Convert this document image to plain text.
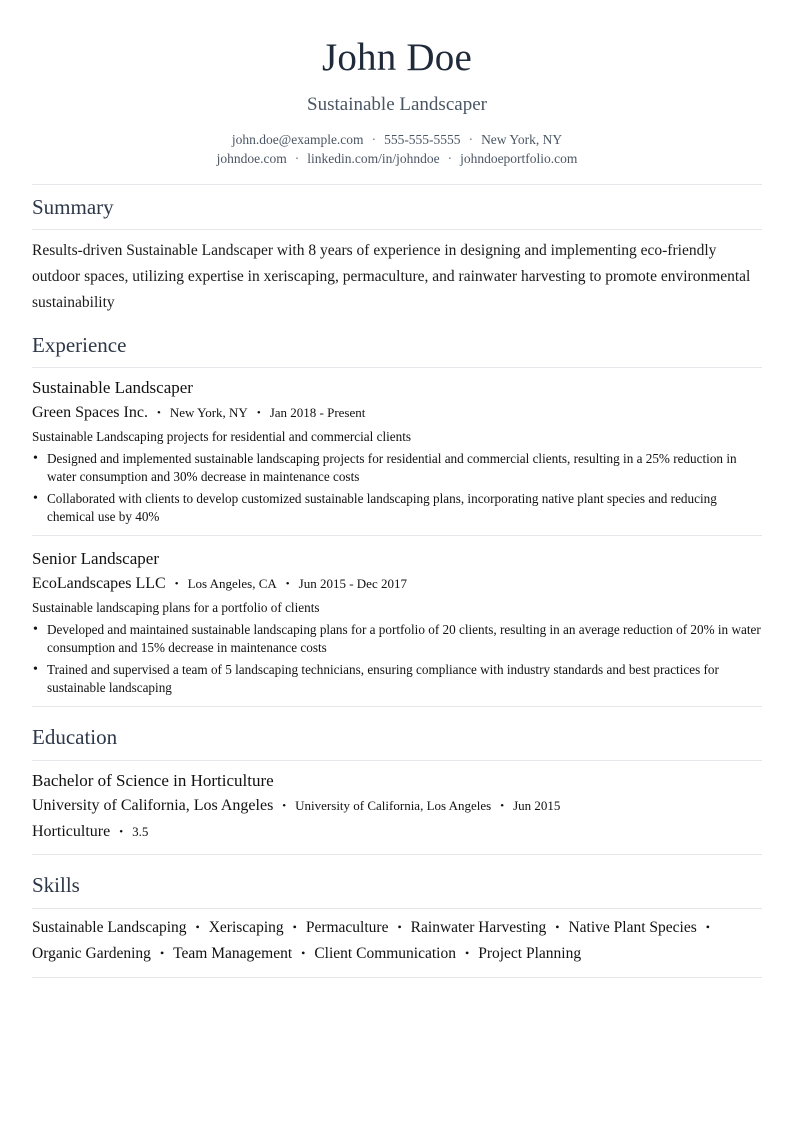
John Doe
Sustainable Landscaper
john.doe@example.com · 555-555-5555 · New York, NY
johndoe.com · linkedin.com/in/johndoe · johndoeportfolio.com
Summary
Results-driven Sustainable Landscaper with 8 years of experience in designing and implementing eco-friendly outdoor spaces, utilizing expertise in xeriscaping, permaculture, and rainwater harvesting to promote environmental sustainability
Experience
Sustainable Landscaper
Green Spaces Inc. • New York, NY • Jan 2018 - Present
Sustainable Landscaping projects for residential and commercial clients
• Designed and implemented sustainable landscaping projects for residential and commercial clients, resulting in a 25% reduction in water consumption and 30% decrease in maintenance costs
• Collaborated with clients to develop customized sustainable landscaping plans, incorporating native plant species and reducing chemical use by 40%
Senior Landscaper
EcoLandscapes LLC • Los Angeles, CA • Jun 2015 - Dec 2017
Sustainable landscaping plans for a portfolio of clients
• Developed and maintained sustainable landscaping plans for a portfolio of 20 clients, resulting in an average reduction of 20% in water consumption and 15% decrease in maintenance costs
• Trained and supervised a team of 5 landscaping technicians, ensuring compliance with industry standards and best practices for sustainable landscaping
Education
Bachelor of Science in Horticulture
University of California, Los Angeles • University of California, Los Angeles • Jun 2015
Horticulture • 3.5
Skills
Sustainable Landscaping • Xeriscaping • Permaculture • Rainwater Harvesting • Native Plant Species •
Organic Gardening • Team Management • Client Communication • Project Planning
